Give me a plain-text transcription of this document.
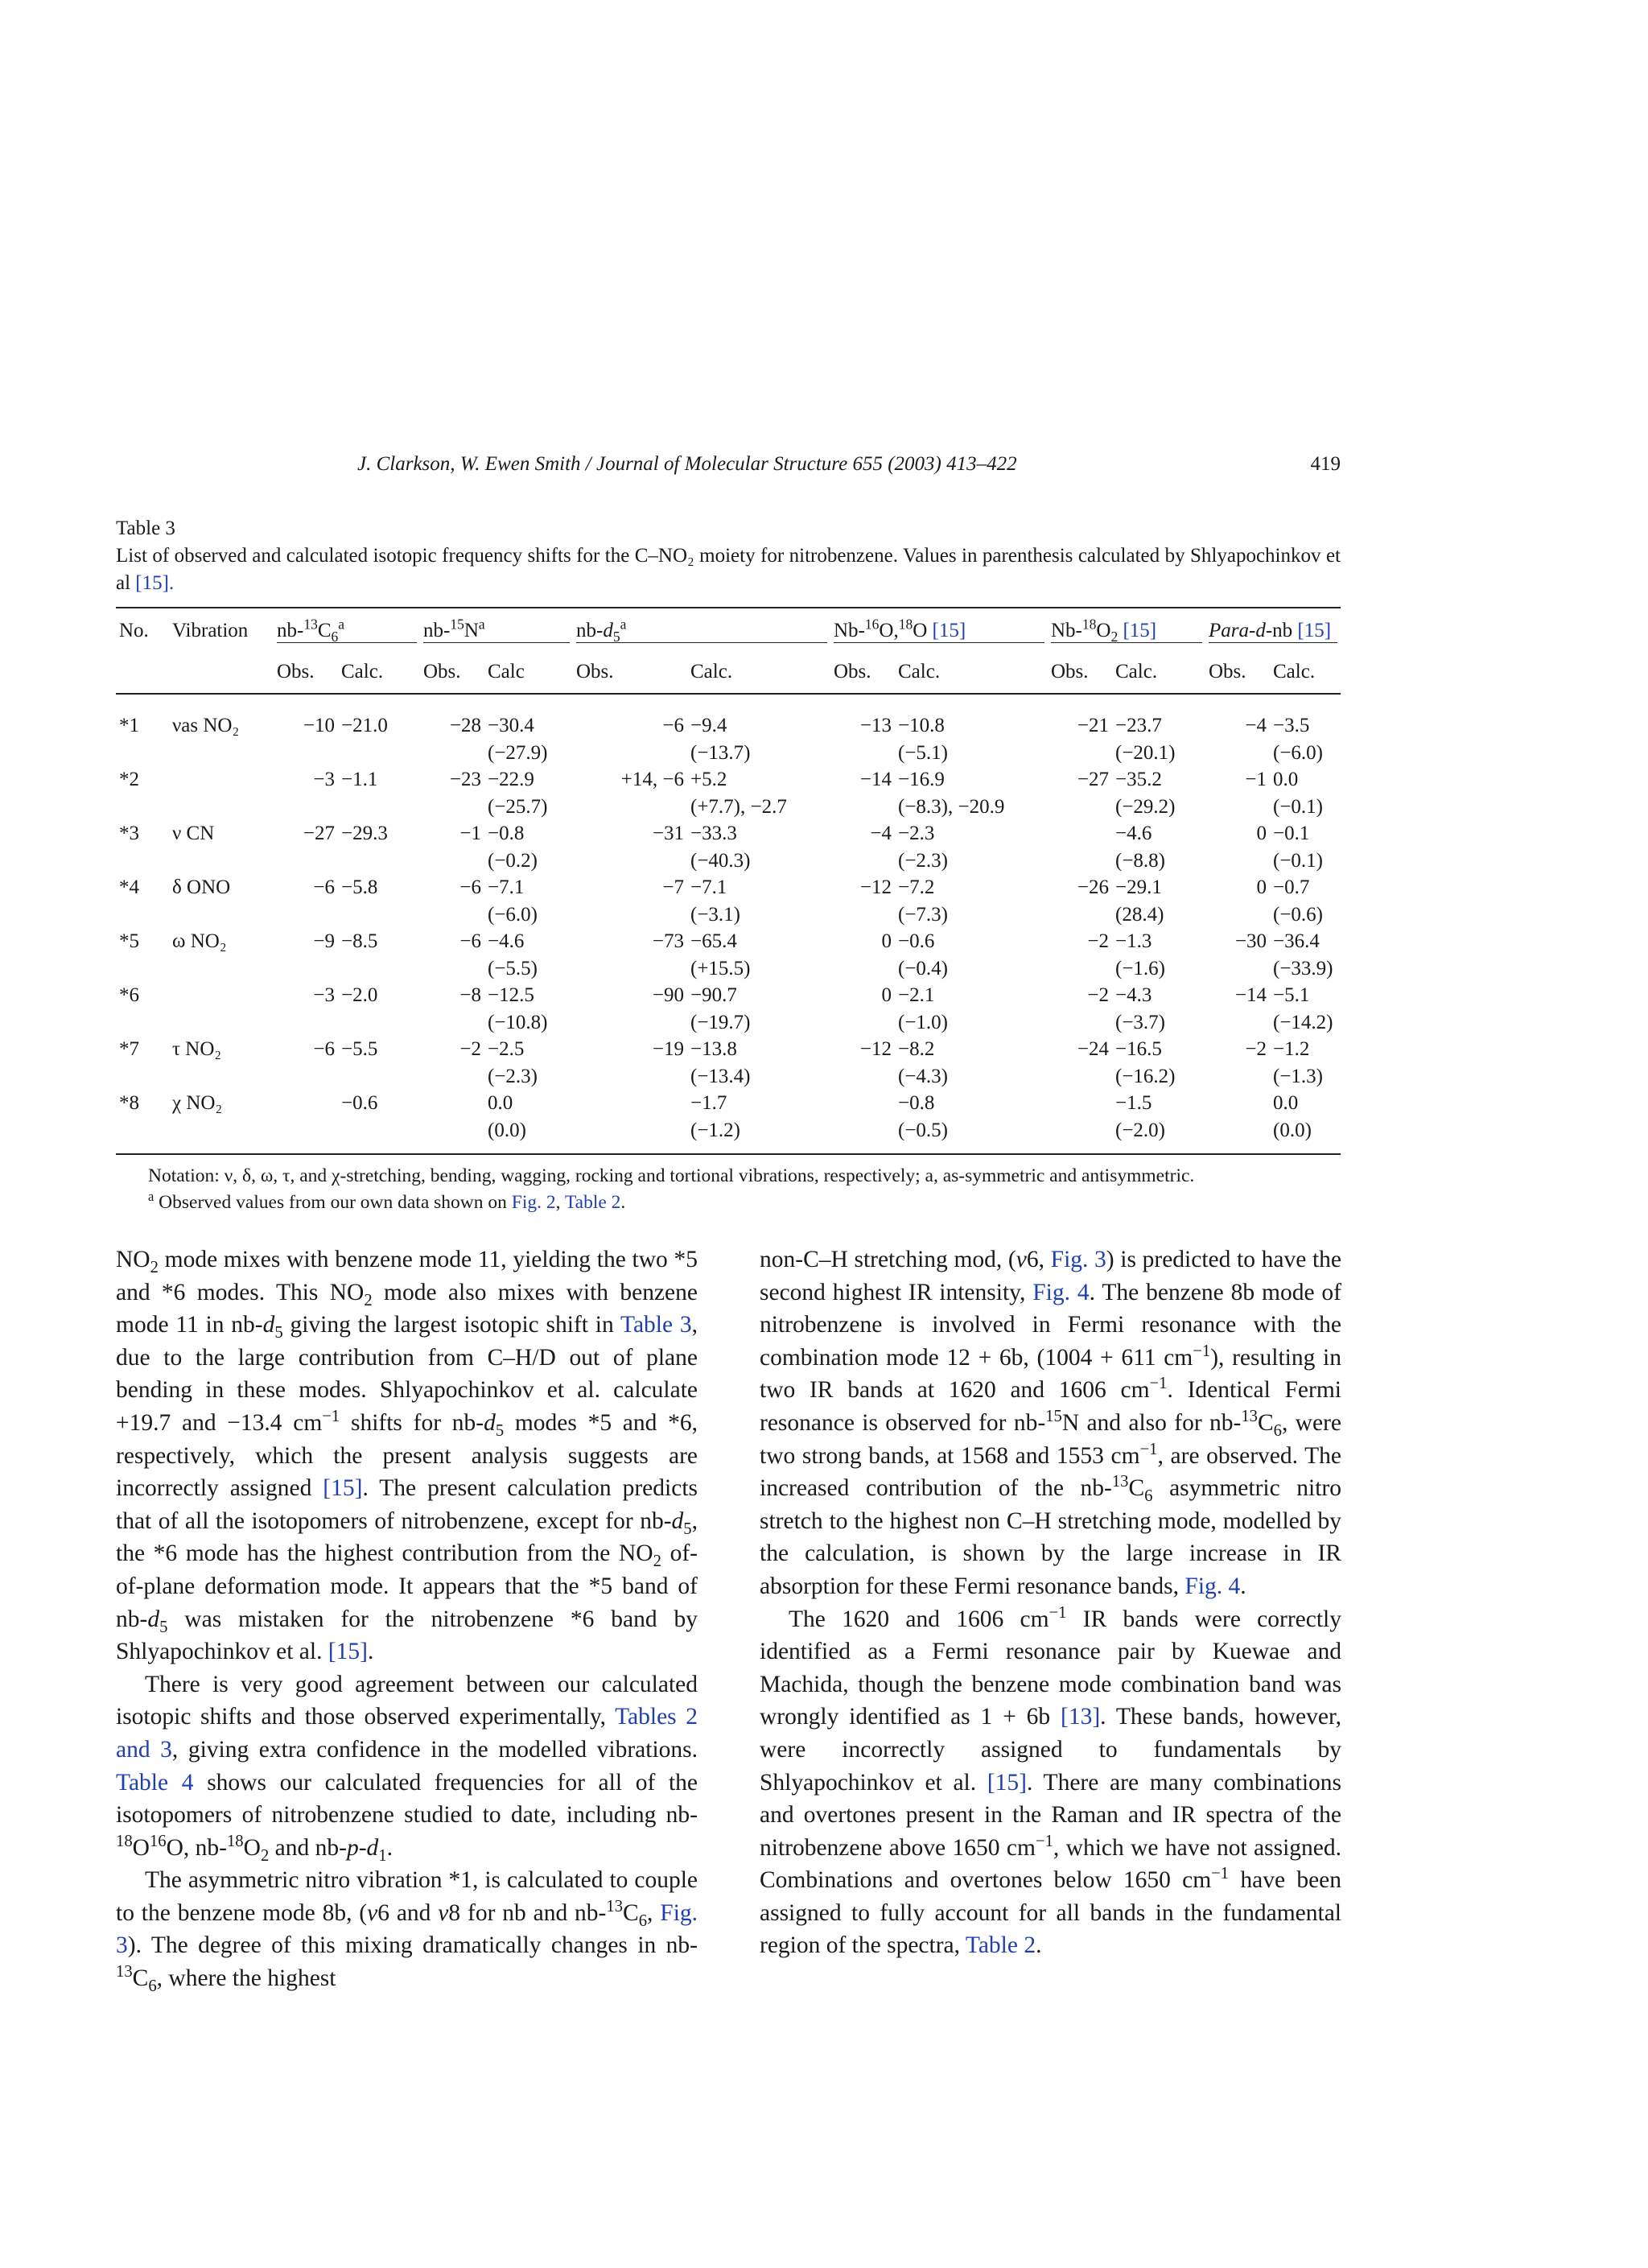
J. Clarkson, W. Ewen Smith / Journal of Molecular Structure 655 (2003) 413–422	419
Table 3
List of observed and calculated isotopic frequency shifts for the C–NO₂ moiety for nitrobenzene. Values in parenthesis calculated by Shlyapochinkov et al [15].
No.	Vibration	$nb-^{13}C_6^a$		$nb-^{15}N^a$		$nb-d_5^a$		Nb-$^{16}$O,$^{18}$O [15]		$Nb-^{18}O_2$ [15]		Para-d-nb [15]	

		Obs.	Calc.	Obs.	Calc	Obs.	Calc.	Obs.	Calc.	Obs.	Calc.	Obs.	Calc.
*1	νas NO₂	−10	−21.0	−28	−30.4	−6	−9.4	−13	−10.8	−21	−23.7	−4	−3.5
					(−27.9)		(−13.7)		(−5.1)		(−20.1)		(−6.0)
*2		−3	−1.1	−23	−22.9	+14, −6	+5.2	−14	−16.9	−27	−35.2	−1	0.0
					(−25.7)		(+7.7), −2.7		(−8.3), −20.9		(−29.2)		(−0.1)
*3	ν CN	−27	−29.3	−1	−0.8	−31	−33.3	−4	−2.3		−4.6	0	−0.1
					(−0.2)		(−40.3)		(−2.3)		(−8.8)		(−0.1)
*4	δ ONO	−6	−5.8	−6	−7.1	−7	−7.1	−12	−7.2	−26	−29.1	0	−0.7
					(−6.0)		(−3.1)		(−7.3)		(28.4)		(−0.6)
*5	ω NO₂	−9	−8.5	−6	−4.6	−73	−65.4	0	−0.6	−2	−1.3	−30	−36.4
					(−5.5)		(+15.5)		(−0.4)		(−1.6)		(−33.9)
*6		−3	−2.0	−8	−12.5	−90	−90.7	0	−2.1	−2	−4.3	−14	−5.1
					(−10.8)		(−19.7)		(−1.0)		(−3.7)		(−14.2)
*7	τ NO₂	−6	−5.5	−2	−2.5	−19	−13.8	−12	−8.2	−24	−16.5	−2	−1.2
					(−2.3)		(−13.4)		(−4.3)		(−16.2)		(−1.3)
*8	χ NO₂		−0.6		0.0		−1.7		−0.8		−1.5		0.0
					(0.0)		(−1.2)		(−0.5)		(−2.0)		(0.0)
Notation: ν, δ, ω, τ, and χ-stretching, bending, wagging, rocking and tortional vibrations, respectively; a, as-symmetric and antisymmetric.
$^a$ Observed values from our own data shown on Fig. 2, Table 2.

$NO_2$ mode mixes with benzene mode 11, yielding the two *5 and *6 modes. This $NO_2$ mode also mixes with benzene mode 11 in $nb-d_5$ giving the largest isotopic shift in Table 3, due to the large contribution from C–H/D out of plane bending in these modes. Shlyapochinkov et al. calculate +19.7 and −13.4 $cm^{-1}$ shifts for $nb-d_5$ modes *5 and *6, respectively, which the present analysis suggests are incorrectly assigned [15]. The present calculation predicts that of all the isotopomers of nitrobenzene, except for $nb-d_5$, the *6 mode has the highest contribution from the $NO_2$ of-of-plane deformation mode. It appears that the *5 band of $nb-d_5$ was mistaken for the nitrobenzene *6 band by Shlyapochinkov et al. [15].

There is very good agreement between our calculated isotopic shifts and those observed experimentally, Tables 2 and 3, giving extra confidence in the modelled vibrations. Table 4 shows our calculated frequencies for all of the isotopomers of nitrobenzene studied to date, including $nb-^{18}O^{16}O$, $nb-^{18}O_2$ and $nb-p-d_1$.

The asymmetric nitro vibration *1, is calculated to couple to the benzene mode 8b, (ν6 and ν8 for nb and $nb-^{13}C_6$, Fig. 3). The degree of this mixing dramatically changes in $nb-^{13}C_6$, where the highest

non-C–H stretching mod, (ν6, Fig. 3) is predicted to have the second highest IR intensity, Fig. 4. The benzene 8b mode of nitrobenzene is involved in Fermi resonance with the combination mode 12 + 6b, (1004 + 611 $cm^{-1}$), resulting in two IR bands at 1620 and 1606 $cm^{-1}$. Identical Fermi resonance is observed for nb-$^{15}$N and also for $nb-^{13}C_6$, were two strong bands, at 1568 and 1553 $cm^{-1}$, are observed. The increased contribution of the $nb-^{13}C_6$ asymmetric nitro stretch to the highest non C–H stretching mode, modelled by the calculation, is shown by the large increase in IR absorption for these Fermi resonance bands, Fig. 4.

The 1620 and 1606 $cm^{-1}$ IR bands were correctly identified as a Fermi resonance pair by Kuewae and Machida, though the benzene mode combination band was wrongly identified as 1 + 6b [13]. These bands, however, were incorrectly assigned to fundamentals by Shlyapochinkov et al. [15]. There are many combinations and overtones present in the Raman and IR spectra of the nitrobenzene above 1650 $cm^{-1}$, which we have not assigned. Combinations and overtones below 1650 $cm^{-1}$ have been assigned to fully account for all bands in the fundamental region of the spectra, Table 2.
